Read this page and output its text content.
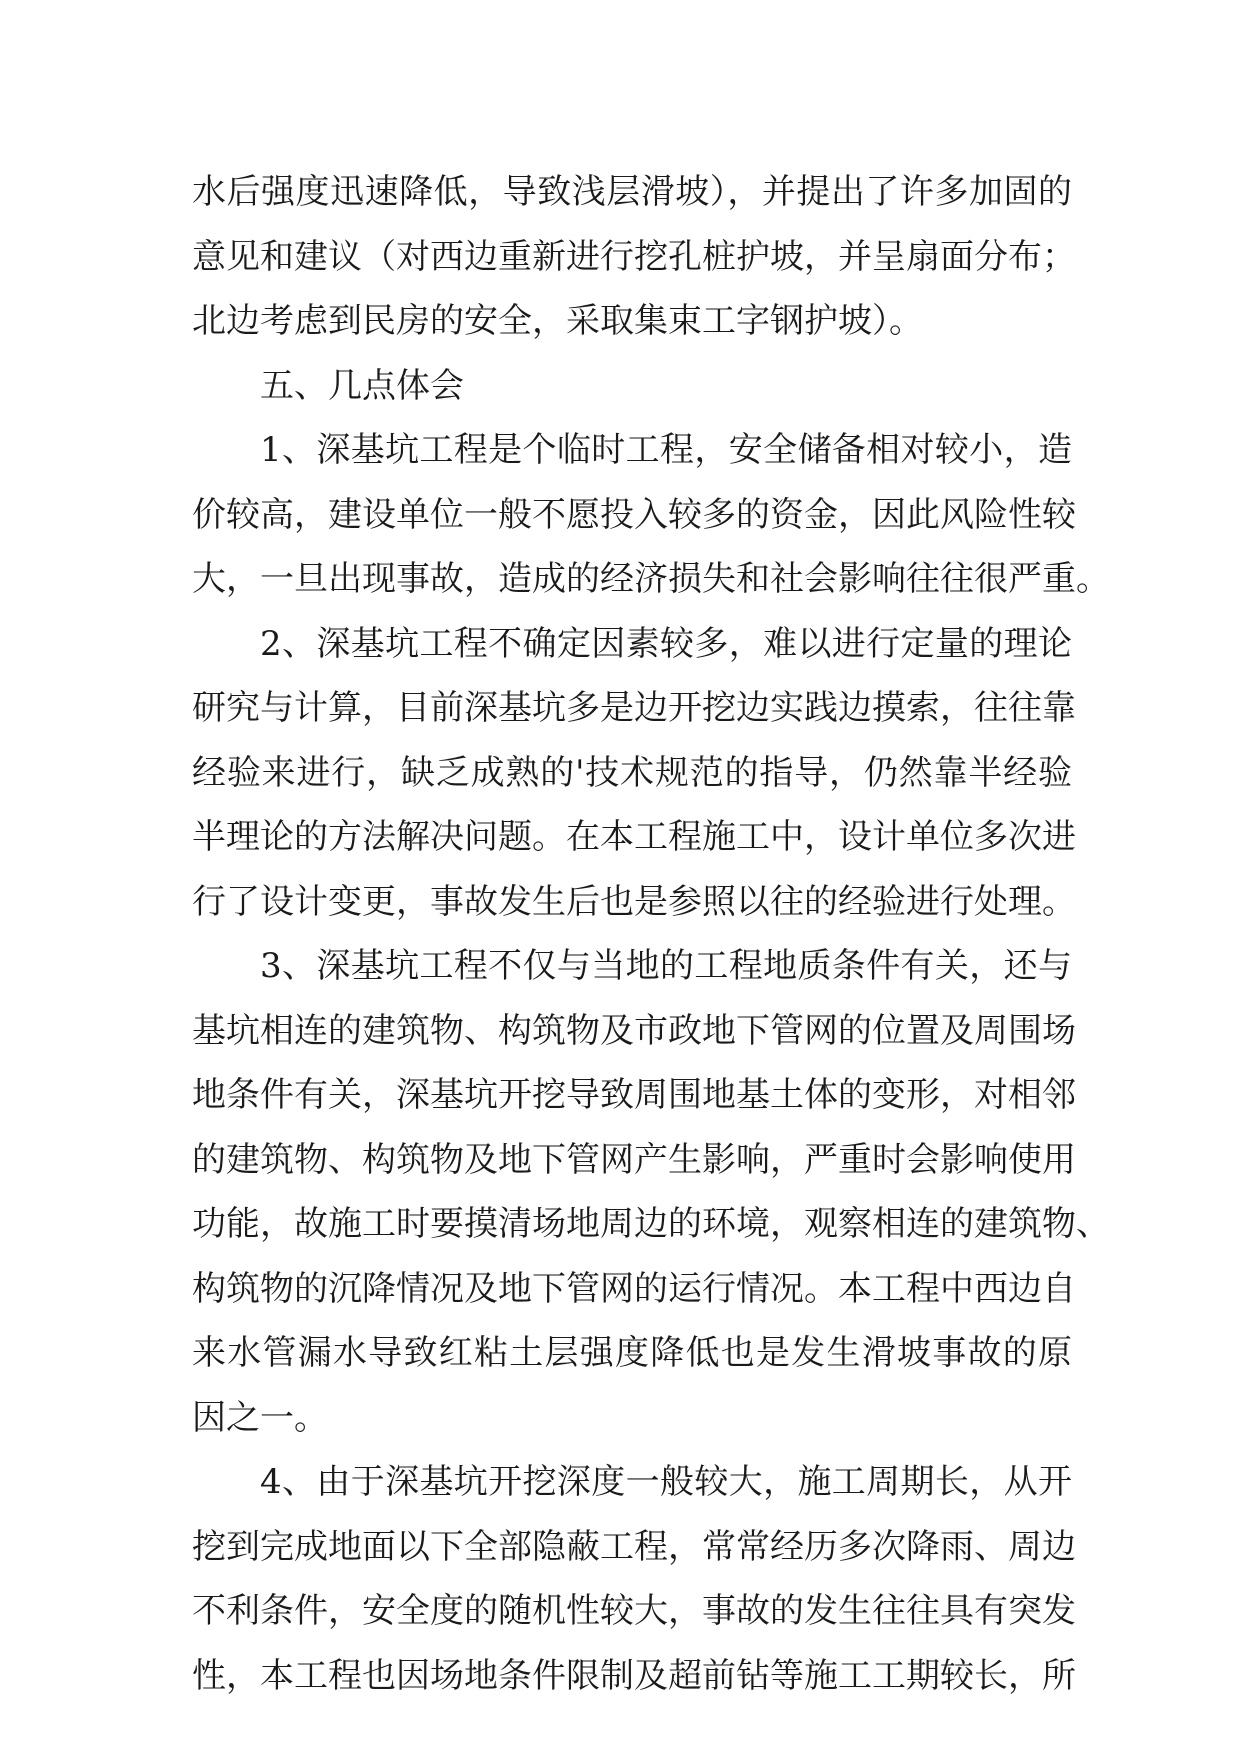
水后强度迅速降低，导致浅层滑坡），并提出了许多加固的
意见和建议（对西边重新进行挖孔桩护坡，并呈扇面分布；
北边考虑到民房的安全，采取集束工字钢护坡）。
五、几点体会
1、深基坑工程是个临时工程，安全储备相对较小，造
价较高，建设单位一般不愿投入较多的资金，因此风险性较
大，一旦出现事故，造成的经济损失和社会影响往往很严重。
2、深基坑工程不确定因素较多，难以进行定量的理论
研究与计算，目前深基坑多是边开挖边实践边摸索，往往靠
经验来进行，缺乏成熟的'技术规范的指导，仍然靠半经验
半理论的方法解决问题。在本工程施工中，设计单位多次进
行了设计变更，事故发生后也是参照以往的经验进行处理。
3、深基坑工程不仅与当地的工程地质条件有关，还与
基坑相连的建筑物、构筑物及市政地下管网的位置及周围场
地条件有关，深基坑开挖导致周围地基土体的变形，对相邻
的建筑物、构筑物及地下管网产生影响，严重时会影响使用
功能，故施工时要摸清场地周边的环境，观察相连的建筑物、
构筑物的沉降情况及地下管网的运行情况。本工程中西边自
来水管漏水导致红粘土层强度降低也是发生滑坡事故的原
因之一。
4、由于深基坑开挖深度一般较大，施工周期长，从开
挖到完成地面以下全部隐蔽工程，常常经历多次降雨、周边
不利条件，安全度的随机性较大，事故的发生往往具有突发
性，本工程也因场地条件限制及超前钻等施工工期较长，所
